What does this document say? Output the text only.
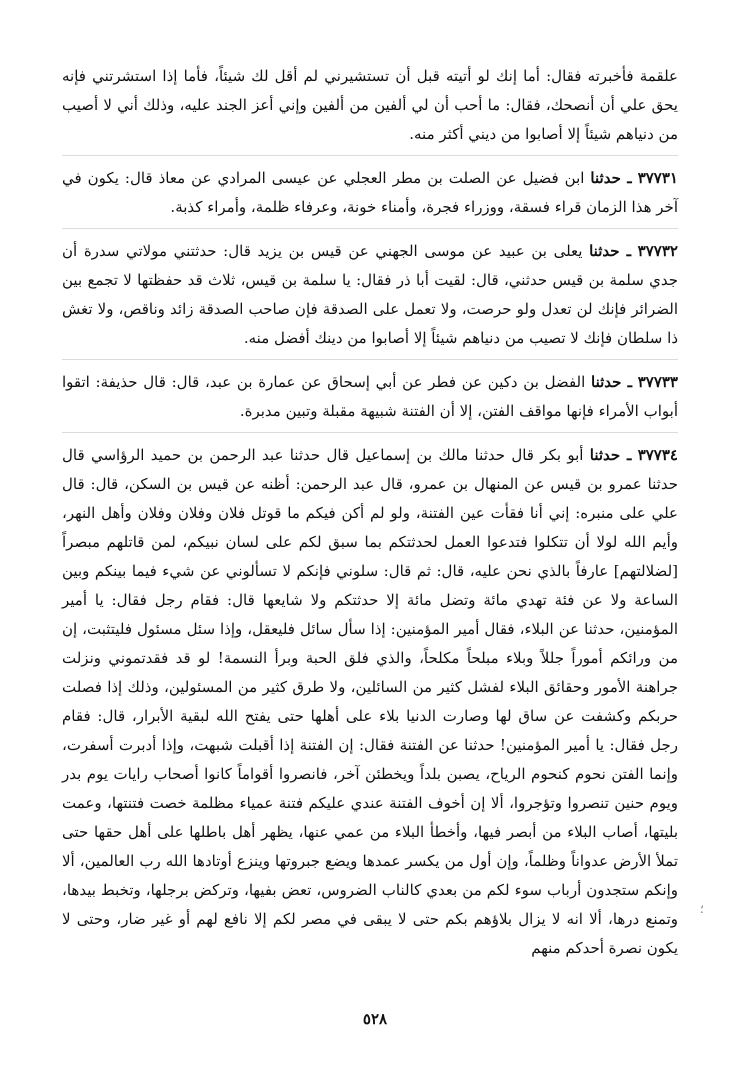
علقمة فأخبرته فقال: أما إنك لو أتيته قبل أن تستشيرني لم أقل لك شيئاً، فأما إذا استشرتني فإنه يحق علي أن أنصحك، فقال: ما أحب أن لي ألفين من ألفين وإني أعز الجند عليه، وذلك أني لا أصيب من دنياهم شيئاً إلا أصابوا من ديني أكثر منه.

٣٧٧٣١ ـ حدثنا ابن فضيل عن الصلت بن مطر العجلي عن عيسى المرادي عن معاذ قال: يكون في آخر هذا الزمان قراء فسقة، ووزراء فجرة، وأمناء خونة، وعرفاء ظلمة، وأمراء كذبة.

٣٧٧٣٢ ـ حدثنا يعلى بن عبيد عن موسى الجهني عن قيس بن يزيد قال: حدثتني مولاتي سدرة أن جدي سلمة بن قيس حدثني، قال: لقيت أبا ذر فقال: يا سلمة بن قيس، ثلاث قد حفظتها لا تجمع بين الضرائر فإنك لن تعدل ولو حرصت، ولا تعمل على الصدقة فإن صاحب الصدقة زائد وناقص، ولا تغش ذا سلطان فإنك لا تصيب من دنياهم شيئاً إلا أصابوا من دينك أفضل منه.

٣٧٧٣٣ ـ حدثنا الفضل بن دكين عن فطر عن أبي إسحاق عن عمارة بن عبد، قال: قال حذيفة: اتقوا أبواب الأمراء فإنها مواقف الفتن، إلا أن الفتنة شبيهة مقبلة وتبين مدبرة.

٣٧٧٣٤ ـ حدثنا أبو بكر قال حدثنا مالك بن إسماعيل قال حدثنا عبد الرحمن بن حميد الرؤاسي قال حدثنا عمرو بن قيس عن المنهال بن عمرو، قال عبد الرحمن: أظنه عن قيس بن السكن، قال: قال علي على منبره: إني أنا فقأت عين الفتنة، ولو لم أكن فيكم ما قوتل فلان وفلان وفلان وأهل النهر، وأيم الله لولا أن تتكلوا فتدعوا العمل لحدثتكم بما سبق لكم على لسان نبيكم، لمن قاتلهم مبصراً [لضلالتهم] عارفاً بالذي نحن عليه، قال: ثم قال: سلوني فإنكم لا تسألوني عن شيء فيما بينكم وبين الساعة ولا عن فئة تهدي مائة وتضل مائة إلا حدثتكم ولا شايعها قال: فقام رجل فقال: يا أمير المؤمنين، حدثنا عن البلاء، فقال أمير المؤمنين: إذا سأل سائل فليعقل، وإذا سئل مسئول فليتثبت، إن من ورائكم أموراً جللاً وبلاء مبلحاً مكلحاً، والذي فلق الحبة وبرأ النسمة! لو قد فقدتموني ونزلت جراهنة الأمور وحقائق البلاء لفشل كثير من السائلين، ولا طرق كثير من المسئولين، وذلك إذا فصلت حربكم وكشفت عن ساق لها وصارت الدنيا بلاء على أهلها حتى يفتح الله لبقية الأبرار، قال: فقام رجل فقال: يا أمير المؤمنين! حدثنا عن الفتنة فقال: إن الفتنة إذا أقبلت شبهت، وإذا أدبرت أسفرت، وإنما الفتن نحوم كنحوم الرياح، يصبن بلداً ويخطئن آخر، فانصروا أقواماً كانوا أصحاب رايات يوم بدر ويوم حنين تنصروا وتؤجروا، ألا إن أخوف الفتنة عندي عليكم فتنة عمياء مظلمة خصت فتنتها، وعمت بليتها، أصاب البلاء من أبصر فيها، وأخطأ البلاء من عمي عنها، يظهر أهل باطلها على أهل حقها حتى تملأ الأرض عدواناً وظلماً، وإن أول من يكسر عمدها ويضع جبروتها وينزع أوتادها الله رب العالمين، ألا وإنكم ستجدون أرباب سوء لكم من بعدي كالناب الضروس، تعض بفيها، وتركض برجلها، وتخبط بيدها، وتمنع درها، ألا انه لا يزال بلاؤهم بكم حتى لا يبقى في مصر لكم إلا نافع لهم أو غير ضار، وحتى لا يكون نصرة أحدكم منهم

؛
٥٢٨
